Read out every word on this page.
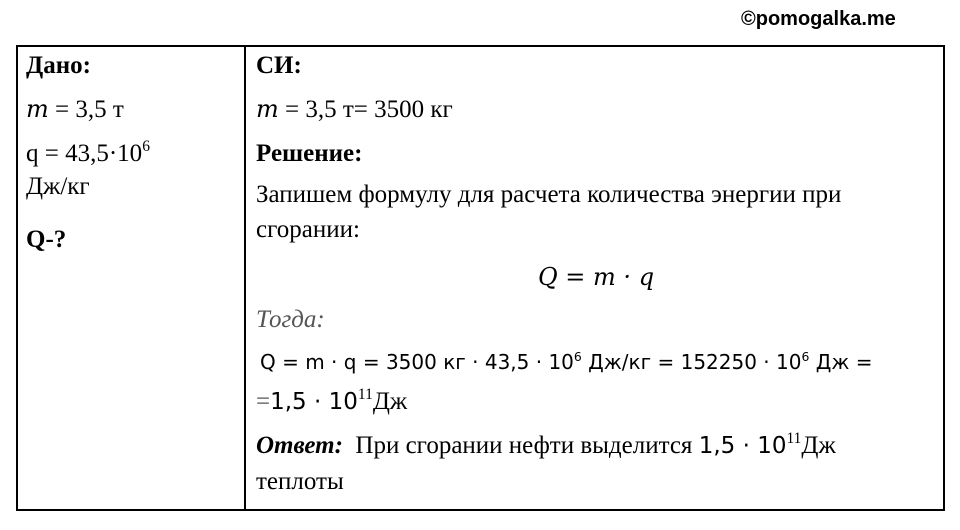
©pomogalka.me
Дано:
m = 3,5 т
$q = 43,5\cdot 10^6$
Дж/кг
Q-?
СИ:
m = 3,5 т= 3500 кг
Решение:
Запишем формулу для расчета количества энергии при
сгорании:
Q = m · q
Тогда:
Q = m · q = 3500 кг · $43,5 \cdot 10^6$ $Дж/кг = 152250 \cdot 10^6$ Дж =
$=1,5 \cdot 10^{11}Дж$
Ответ: При сгорании нефти выделится $1,5 \cdot 10^{11}Дж$
теплоты
